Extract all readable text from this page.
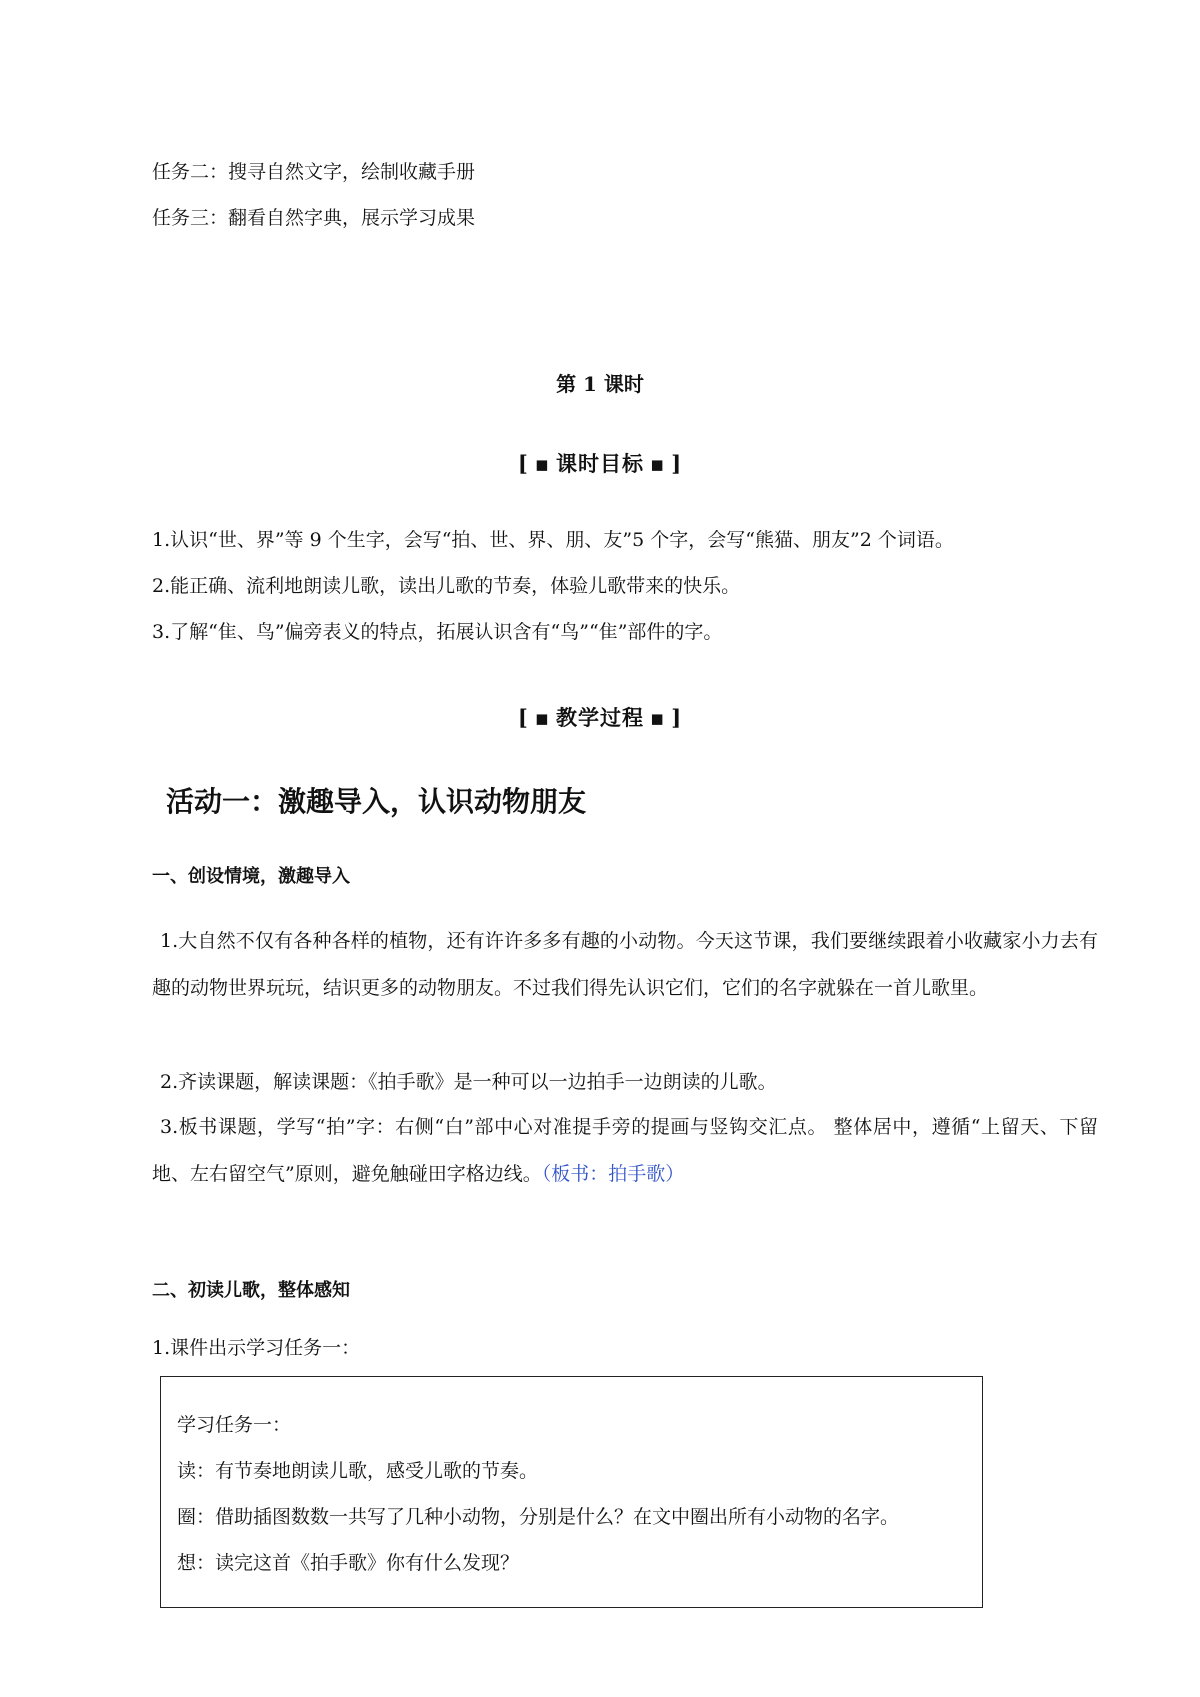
任务二：搜寻自然文字，绘制收藏手册
任务三：翻看自然字典，展示学习成果
第 1 课时
[ ▪ 课时目标 ▪ ]
1.认识“世、界”等 9 个生字，会写“拍、世、界、朋、友”5 个字，会写“熊猫、朋友”2 个词语。
2.能正确、流利地朗读儿歌，读出儿歌的节奏，体验儿歌带来的快乐。
3.了解“隹、鸟”偏旁表义的特点，拓展认识含有“鸟”“隹”部件的字。
[ ▪ 教学过程 ▪ ]
活动一：激趣导入，认识动物朋友
一、创设情境，激趣导入
1.大自然不仅有各种各样的植物，还有许许多多有趣的小动物。今天这节课，我们要继续跟着小收藏家小力去有趣的动物世界玩玩，结识更多的动物朋友。不过我们得先认识它们，它们的名字就躲在一首儿歌里。
2.齐读课题，解读课题：《拍手歌》是一种可以一边拍手一边朗读的儿歌。
3.板书课题，学写“拍”字：右侧“白”部中心对准提手旁的提画与竖钩交汇点。 整体居中，遵循“上留天、下留地、左右留空气”原则，避免触碰田字格边线。（板书：拍手歌）
二、初读儿歌，整体感知
1.课件出示学习任务一：
学习任务一：
读：有节奏地朗读儿歌，感受儿歌的节奏。
圈：借助插图数数一共写了几种小动物，分别是什么？在文中圈出所有小动物的名字。
想：读完这首《拍手歌》你有什么发现？
